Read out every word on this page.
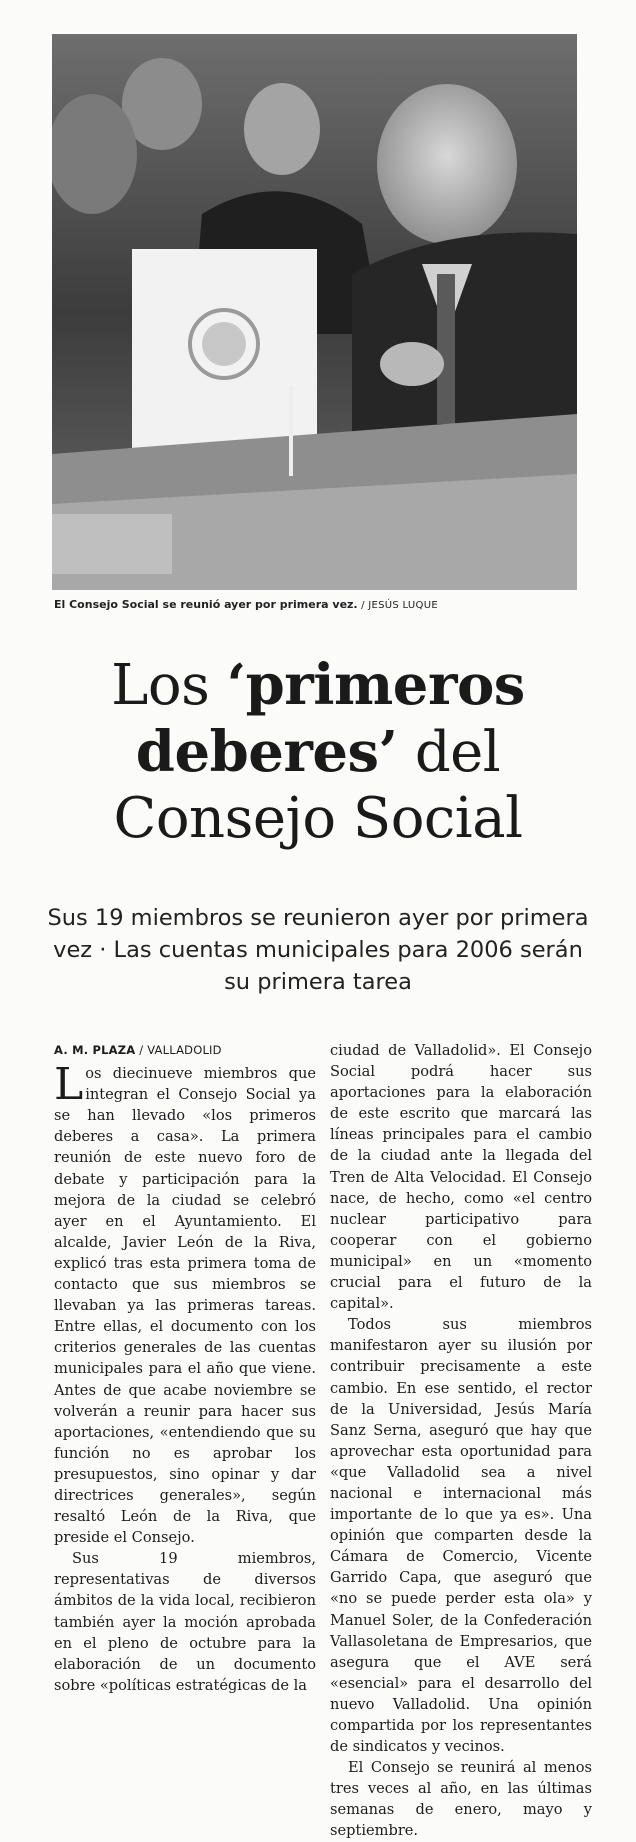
El Consejo Social se reunió ayer por primera vez. / JESÚS LUQUE
Los ‘primeros deberes’ del Consejo Social
Sus 19 miembros se reunieron ayer por primera vez · Las cuentas municipales para 2006 serán su primera tarea
A. M. PLAZA / VALLADOLID

Los diecinueve miembros que integran el Consejo Social ya se han llevado «los primeros deberes a casa». La primera reunión de este nuevo foro de debate y participación para la mejora de la ciudad se celebró ayer en el Ayuntamiento. El alcalde, Javier León de la Riva, explicó tras esta primera toma de contacto que sus miembros se llevaban ya las primeras tareas. Entre ellas, el documento con los criterios generales de las cuentas municipales para el año que viene. Antes de que acabe noviembre se volverán a reunir para hacer sus aportaciones, «entendiendo que su función no es aprobar los presupuestos, sino opinar y dar directrices generales», según resaltó León de la Riva, que preside el Consejo.

Sus 19 miembros, representativas de diversos ámbitos de la vida local, recibieron también ayer la moción aprobada en el pleno de octubre para la elaboración de un documento sobre «políticas estratégicas de la

ciudad de Valladolid». El Consejo Social podrá hacer sus aportaciones para la elaboración de este escrito que marcará las líneas principales para el cambio de la ciudad ante la llegada del Tren de Alta Velocidad. El Consejo nace, de hecho, como «el centro nuclear participativo para cooperar con el gobierno municipal» en un «momento crucial para el futuro de la capital».

Todos sus miembros manifestaron ayer su ilusión por contribuir precisamente a este cambio. En ese sentido, el rector de la Universidad, Jesús María Sanz Serna, aseguró que hay que aprovechar esta oportunidad para «que Valladolid sea a nivel nacional e internacional más importante de lo que ya es». Una opinión que comparten desde la Cámara de Comercio, Vicente Garrido Capa, que aseguró que «no se puede perder esta ola» y Manuel Soler, de la Confederación Vallasoletana de Empresarios, que asegura que el AVE será «esencial» para el desarrollo del nuevo Valladolid. Una opinión compartida por los representantes de sindicatos y vecinos.

El Consejo se reunirá al menos tres veces al año, en las últimas semanas de enero, mayo y septiembre.
